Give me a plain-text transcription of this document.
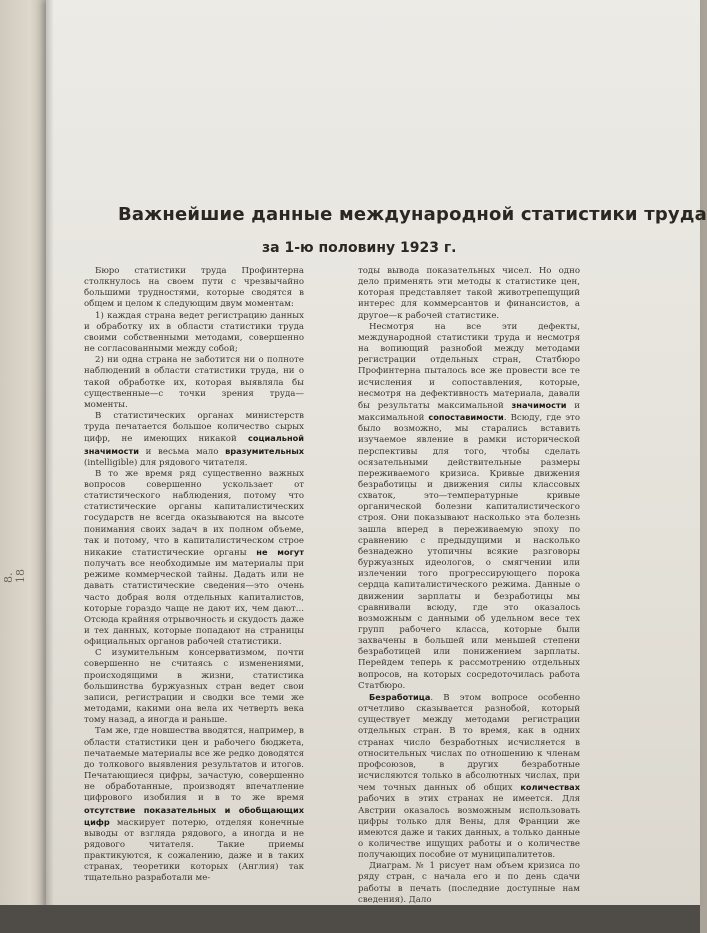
8. 18
Важнейшие данные международной статистики труда
за 1-ю половину 1923 г.

Бюро статистики труда Профинтерна столкнулось на своем пути с чрезвычайно большими трудностями, которые сводятся в общем и целом к следующим двум моментам:

1) каждая страна ведет регистрацию данных и обработку их в области статистики труда своими собственными методами, совершенно не согласованными между собой;

2) ни одна страна не заботится ни о полноте наблюдений в области статистики труда, ни о такой обработке их, которая выявляла бы существенные—с точки зрения труда—моменты.

В статистических органах министерств труда печатается большое количество сырых цифр, не имеющих никакой социальной значимости и весьма мало вразумительных (intelligible) для рядового читателя.

В то же время ряд существенно важных вопросов совершенно ускользает от статистического наблюдения, потому что статистические органы капиталистических государств не всегда оказываются на высоте понимания своих задач в их полном объеме, так и потому, что в капиталистическом строе никакие статистические органы не могут получать все необходимые им материалы при режиме коммерческой тайны. Дадать или не давать статистические сведения—это очень часто добрая воля отдельных капиталистов, которые гораздо чаще не дают их, чем дают... Отсюда крайняя отрывочность и скудость даже и тех данных, которые попадают на страницы официальных органов рабочей статистики.

С изумительным консерватизмом, почти совершенно не считаясь с изменениями, происходящими в жизни, статистика большинства буржуазных стран ведет свои записи, регистрации и сводки все теми же методами, какими она вела их четверть века тому назад, а иногда и раньше.

Там же, где новшества вводятся, например, в области статистики цен и рабочего бюджета, печатаемые материалы все же редко доводятся до толкового выявления результатов и итогов. Печатающиеся цифры, зачастую, совершенно не обработанные, производят впечатление цифрового изобилия и в то же время отсутствие показательных и обобщающих цифр маскирует потерю, отделяя конечные выводы от взгляда рядового, а иногда и не рядового читателя. Такие приемы практикуются, к сожалению, даже и в таких странах, теоретики которых (Англия) так тщательно разработали ме-

тоды вывода показательных чисел. Но одно дело применять эти методы к статистике цен, которая представляет такой животрепещущий интерес для коммерсантов и финансистов, а другое—к рабочей статистике.

Несмотря на все эти дефекты, международной статистики труда и несмотря на вопиющий разнобой между методами регистрации отдельных стран, Статбюро Профинтерна пыталось все же провести все те исчисления и сопоставления, которые, несмотря на дефективность материала, давали бы результаты максимальной значимости и максимальной сопоставимости. Всюду, где это было возможно, мы старались вставить изучаемое явление в рамки исторической перспективы для того, чтобы сделать осязательными действительные размеры переживаемого кризиса. Кривые движения безработицы и движения силы классовых схваток, это—температурные кривые органической болезни капиталистического строя. Они показывают насколько эта болезнь зашла вперед в переживаемую эпоху по сравнению с предыдущими и насколько безнадежно утопичны всякие разговоры буржуазных идеологов, о смягчении или излечении того прогрессирующего порока сердца капиталистического режима. Данные о движении зарплаты и безработицы мы сравнивали всюду, где это оказалось возможным с данными об удельном весе тех групп рабочего класса, которые были захвачены в большей или меньшей степени безработицей или понижением зарплаты. Перейдем теперь к рассмотрению отдельных вопросов, на которых сосредоточилась работа Статбюро.

Безработица. В этом вопросе особенно отчетливо сказывается разнобой, который существует между методами регистрации отдельных стран. В то время, как в одних странах число безработных исчисляется в относительных числах по отношению к членам профсоюзов, в других безработные исчисляются только в абсолютных числах, при чем точных данных об общих количествах рабочих в этих странах не имеется. Для Австрии оказалось возможным использовать цифры только для Вены, для Франции же имеются даже и таких данных, а только данные о количестве ищущих работы и о количестве получающих пособие от муниципалитетов.

Диаграм. № 1 рисует нам объем кризиса по ряду стран, с начала его и по день сдачи работы в печать (последние доступные нам сведения). Дало
